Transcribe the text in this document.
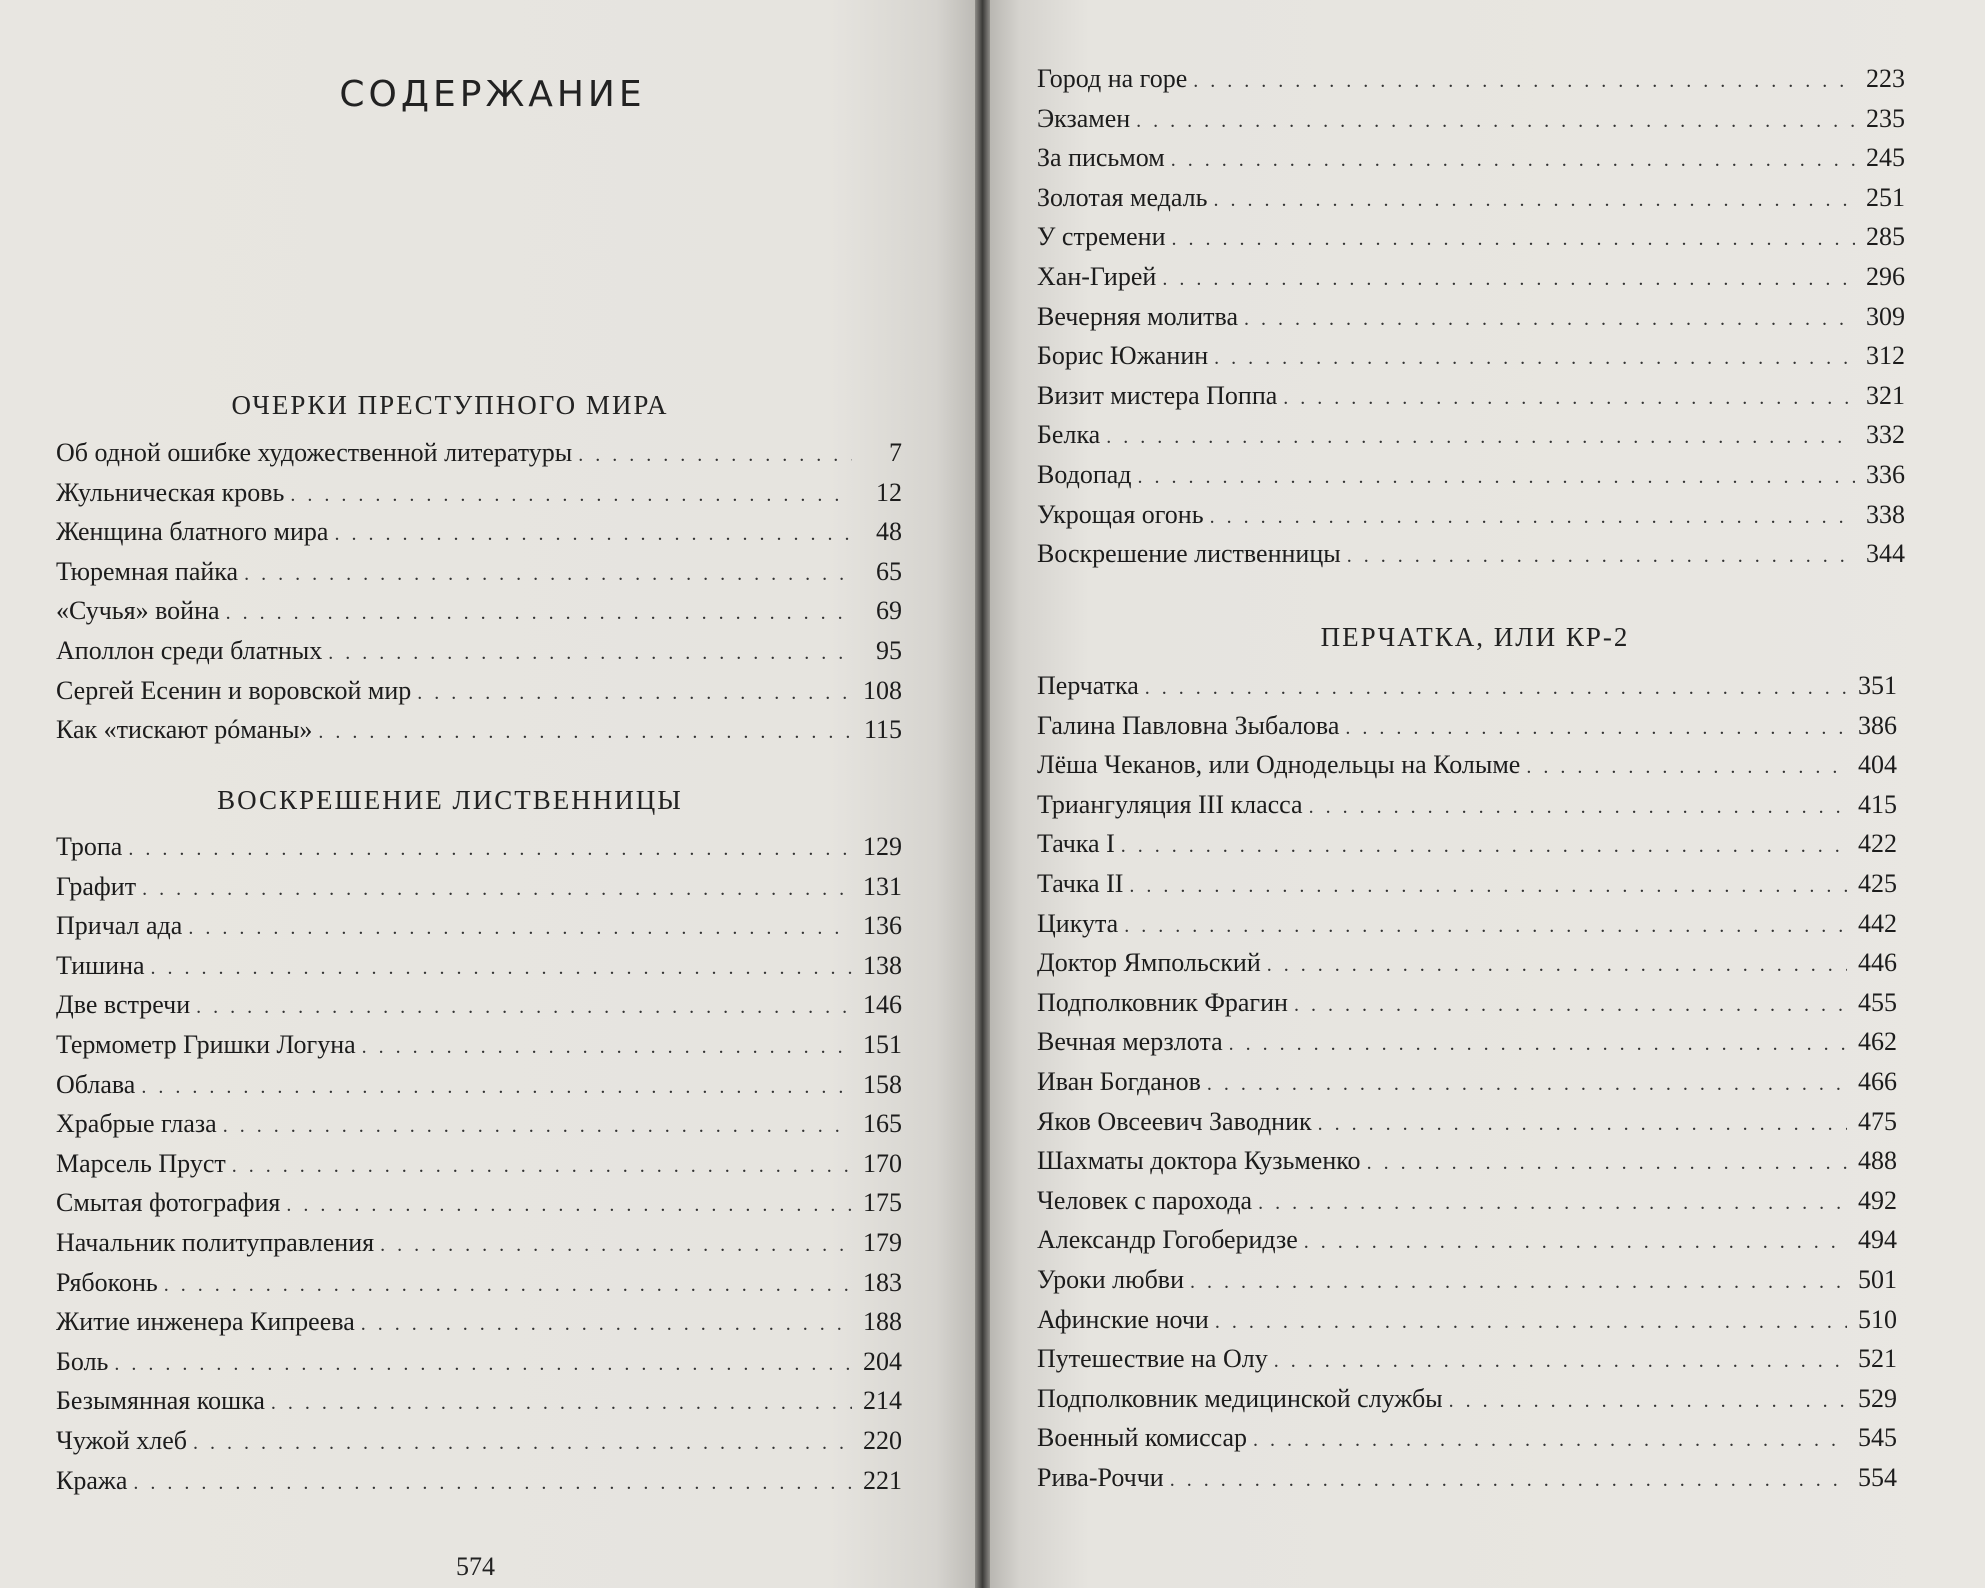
СОДЕРЖАНИЕ
ОЧЕРКИ ПРЕСТУПНОГО МИРА
Об одной ошибке художественной литературы . . .	7
Жульническая кровь . . .	12
Женщина блатного мира . . .	48
Тюремная пайка . . .	65
«Сучья» война . . .	69
Аполлон среди блатных . . .	95
Сергей Есенин и воровской мир . . .	108
Как «тискают рóманы» . . .	115
ВОСКРЕШЕНИЕ ЛИСТВЕННИЦЫ
Тропа . . .	129
Графит . . .	131
Причал ада . . .	136
Тишина . . .	138
Две встречи . . .	146
Термометр Гришки Логуна . . .	151
Облава . . .	158
Храбрые глаза . . .	165
Марсель Пруст . . .	170
Смытая фотография . . .	175
Начальник политуправления . . .	179
Рябоконь . . .	183
Житие инженера Кипреева . . .	188
Боль . . .	204
Безымянная кошка . . .	214
Чужой хлеб . . .	220
Кража . . .	221
574
Город на горе . . .	223
Экзамен . . .	235
За письмом . . .	245
Золотая медаль . . .	251
У стремени . . .	285
Хан-Гирей . . .	296
Вечерняя молитва . . .	309
Борис Южанин . . .	312
Визит мистера Поппа . . .	321
Белка . . .	332
Водопад . . .	336
Укрощая огонь . . .	338
Воскрешение лиственницы . . .	344
ПЕРЧАТКА, ИЛИ КР-2
Перчатка . . .	351
Галина Павловна Зыбалова . . .	386
Лёша Чеканов, или Однодельцы на Колыме . . .	404
Триангуляция III класса . . .	415
Тачка I . . .	422
Тачка II . . .	425
Цикута . . .	442
Доктор Ямпольский . . .	446
Подполковник Фрагин . . .	455
Вечная мерзлота . . .	462
Иван Богданов . . .	466
Яков Овсеевич Заводник . . .	475
Шахматы доктора Кузьменко . . .	488
Человек с парохода . . .	492
Александр Гогоберидзе . . .	494
Уроки любви . . .	501
Афинские ночи . . .	510
Путешествие на Олу . . .	521
Подполковник медицинской службы . . .	529
Военный комиссар . . .	545
Рива-Роччи . . .	554
